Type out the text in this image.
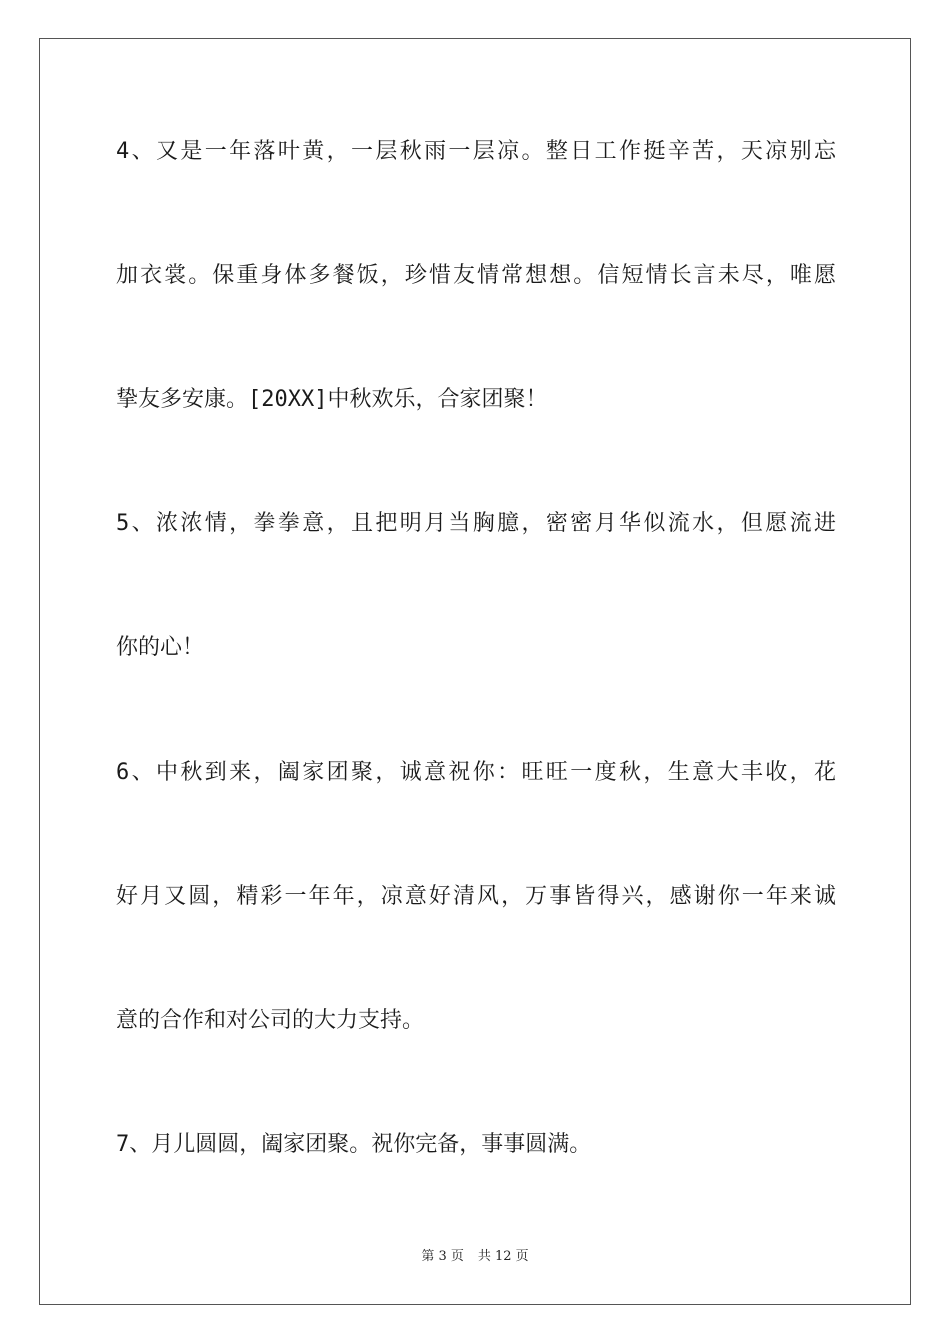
4、又是一年落叶黄，一层秋雨一层凉。整日工作挺辛苦，天凉别忘
加衣裳。保重身体多餐饭，珍惜友情常想想。信短情长言未尽，唯愿
挚友多安康。[20XX]中秋欢乐，合家团聚！
5、浓浓情，拳拳意，且把明月当胸臆，密密月华似流水，但愿流进
你的心！
6、中秋到来，阖家团聚，诚意祝你：旺旺一度秋，生意大丰收，花
好月又圆，精彩一年年，凉意好清风，万事皆得兴，感谢你一年来诚
意的合作和对公司的大力支持。
7、月儿圆圆，阖家团聚。祝你完备，事事圆满。
第 3 页 共 12 页
